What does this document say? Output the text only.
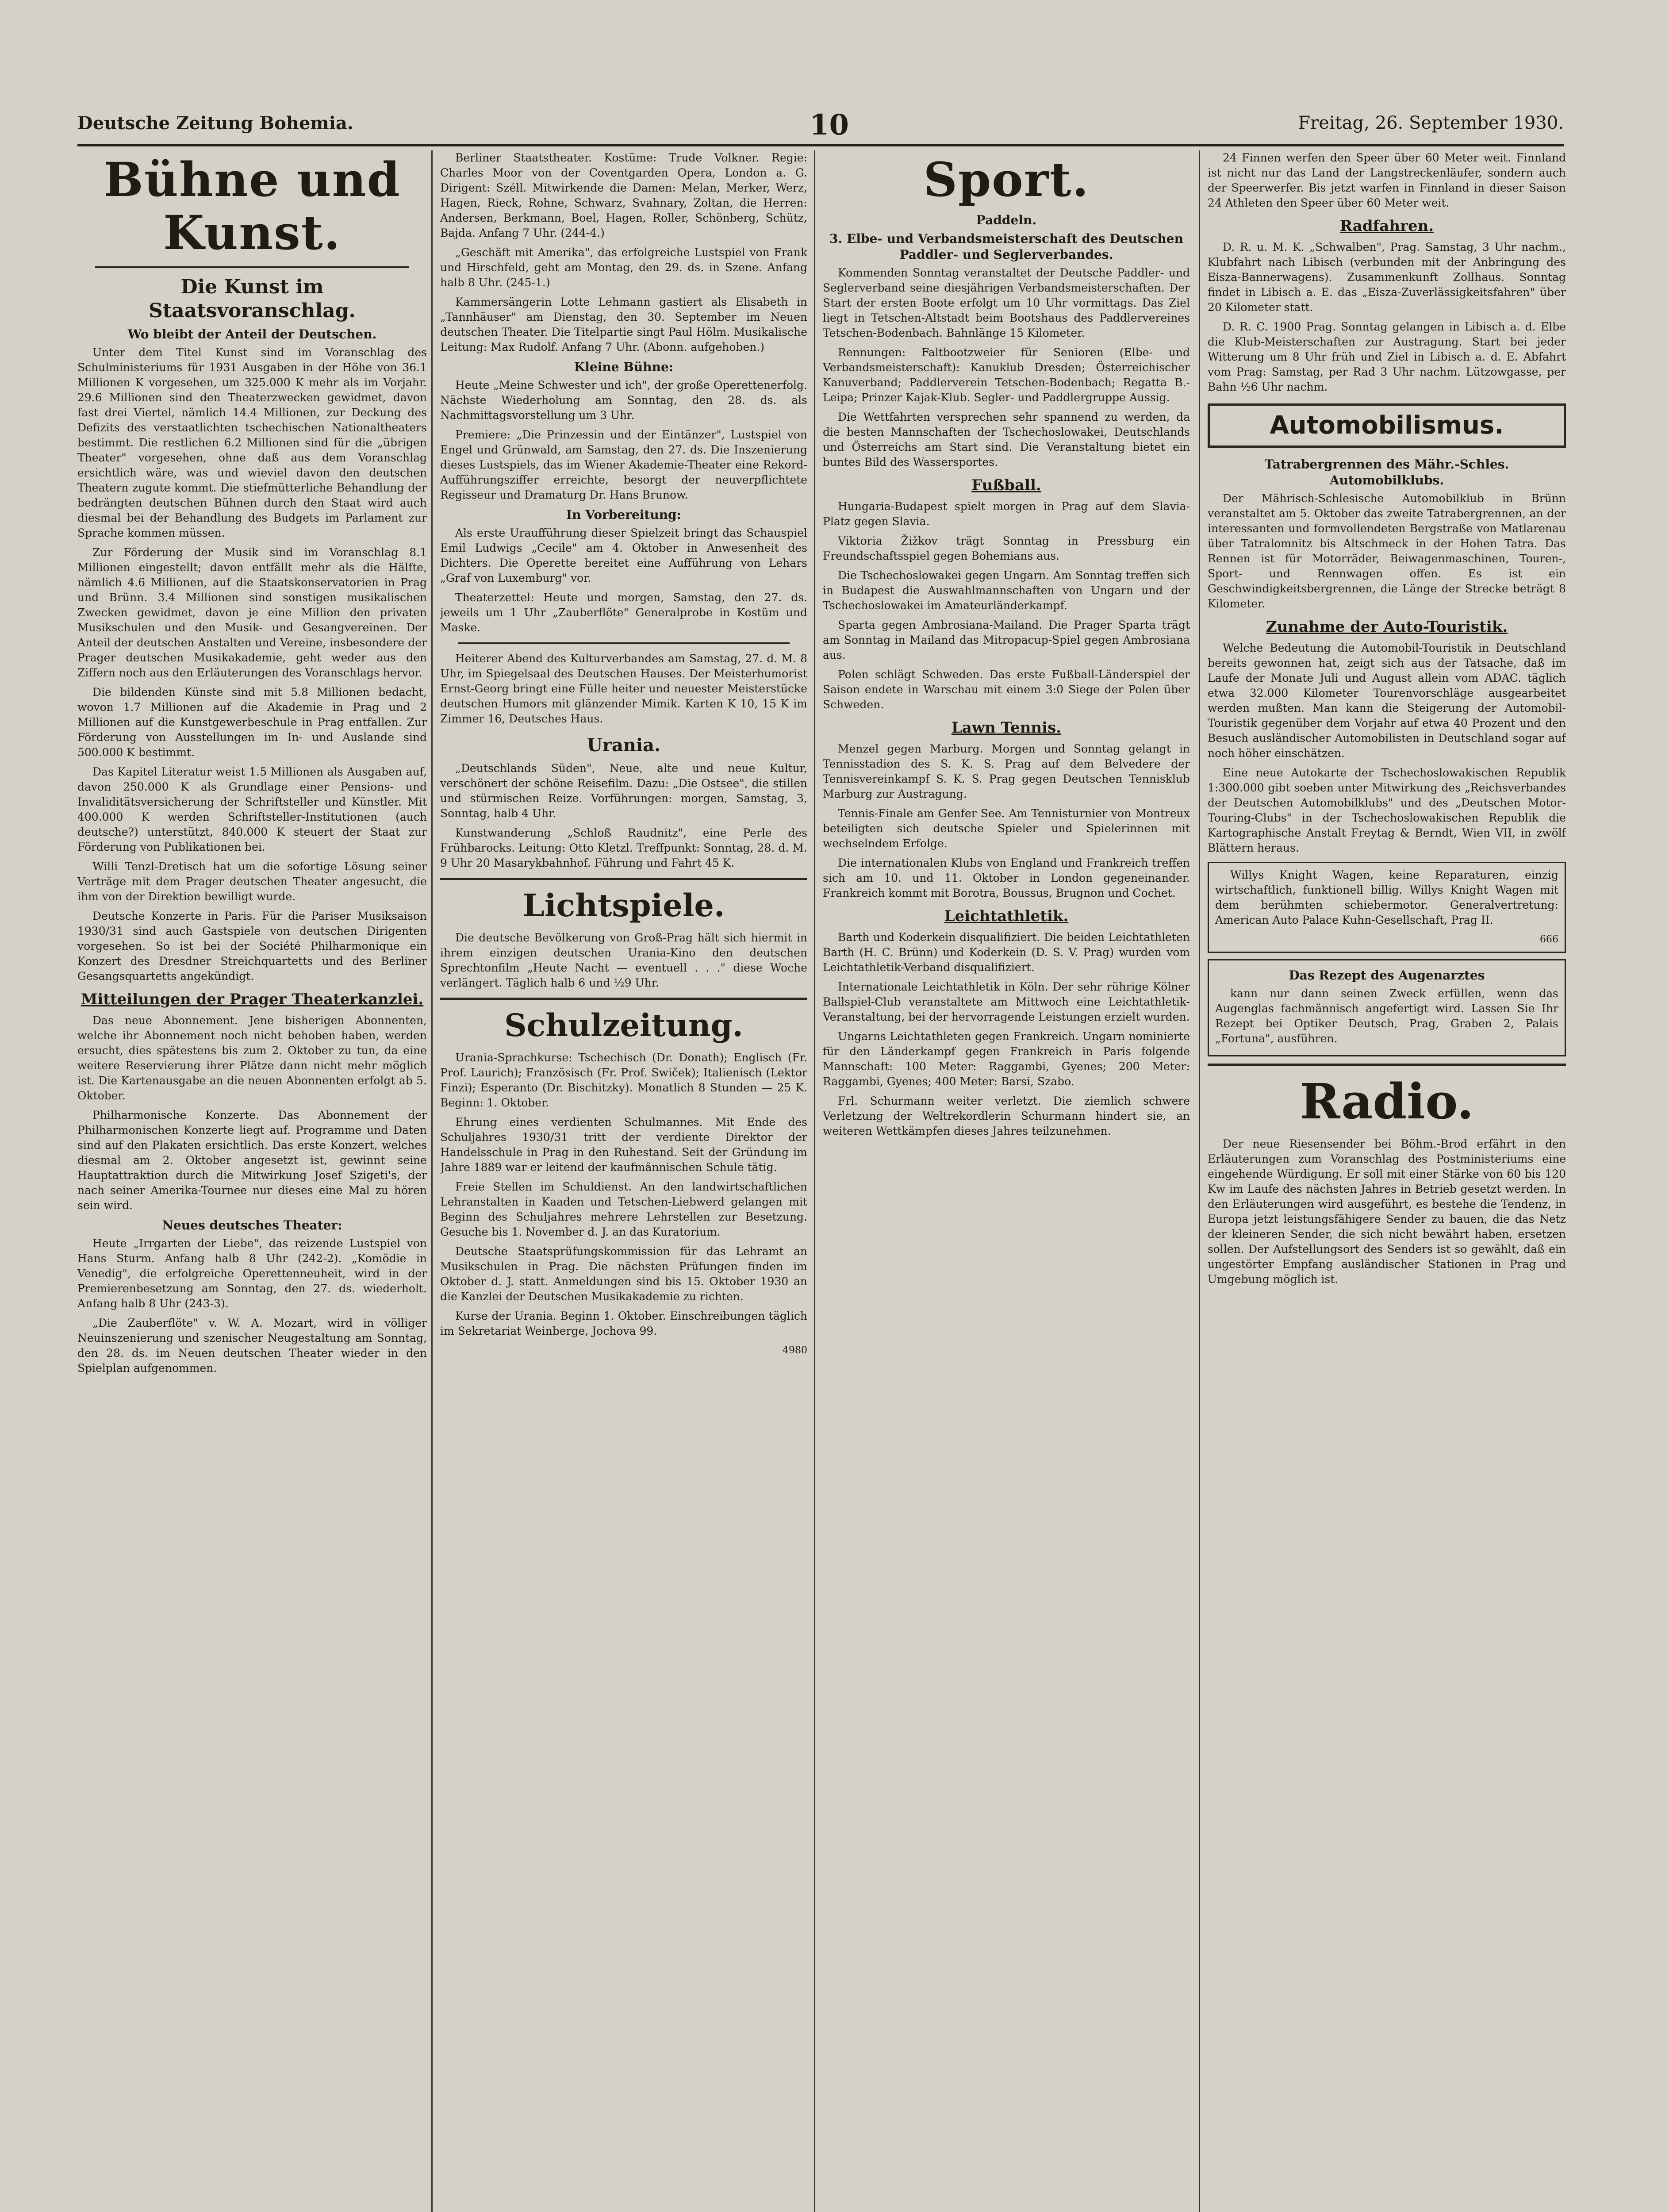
Deutsche Zeitung Bohemia.	10	Freitag, 26. September 1930.
Bühne und Kunst.
Die Kunst im Staatsvoranschlag.
Wo bleibt der Anteil der Deutschen.

Unter dem Titel Kunst sind im Voranschlag des Schulministeriums für 1931 Ausgaben in der Höhe von 36.1 Millionen K vorgesehen, um 325.000 K mehr als im Vorjahr. 29.6 Millionen sind den Theaterzwecken gewidmet, davon fast drei Viertel, nämlich 14.4 Millionen, zur Deckung des Defizits des verstaatlichten tschechischen Nationaltheaters bestimmt. Die restlichen 6.2 Millionen sind für die „übrigen Theater" vorgesehen, ohne daß aus dem Voranschlag ersichtlich wäre, was und wieviel davon den deutschen Theatern zugute kommt. Die stiefmütterliche Behandlung der bedrängten deutschen Bühnen durch den Staat wird auch diesmal bei der Behandlung des Budgets im Parlament zur Sprache kommen müssen.

Zur Förderung der Musik sind im Voranschlag 8.1 Millionen eingestellt; davon entfällt mehr als die Hälfte, nämlich 4.6 Millionen, auf die Staatskonservatorien in Prag und Brünn. 3.4 Millionen sind sonstigen musikalischen Zwecken gewidmet, davon je eine Million den privaten Musikschulen und den Musik- und Gesangvereinen. Der Anteil der deutschen Anstalten und Vereine, insbesondere der Prager deutschen Musikakademie, geht weder aus den Ziffern noch aus den Erläuterungen des Voranschlags hervor.

Die bildenden Künste sind mit 5.8 Millionen bedacht, wovon 1.7 Millionen auf die Akademie in Prag und 2 Millionen auf die Kunstgewerbeschule in Prag entfallen. Zur Förderung von Ausstellungen im In- und Auslande sind 500.000 K bestimmt.

Das Kapitel Literatur weist 1.5 Millionen als Ausgaben auf, davon 250.000 K als Grundlage einer Pensions- und Invaliditätsversicherung der Schriftsteller und Künstler. Mit 400.000 K werden Schriftsteller-Institutionen (auch deutsche?) unterstützt, 840.000 K steuert der Staat zur Förderung von Publikationen bei.

Willi Tenzl-Dretisch hat um die sofortige Lösung seiner Verträge mit dem Prager deutschen Theater angesucht, die ihm von der Direktion bewilligt wurde.

Deutsche Konzerte in Paris. Für die Pariser Musiksaison 1930/31 sind auch Gastspiele von deutschen Dirigenten vorgesehen. So ist bei der Société Philharmonique ein Konzert des Dresdner Streichquartetts und des Berliner Gesangsquartetts angekündigt.

Mitteilungen der Prager Theaterkanzlei.

Das neue Abonnement. Jene bisherigen Abonnenten, welche ihr Abonnement noch nicht behoben haben, werden ersucht, dies spätestens bis zum 2. Oktober zu tun, da eine weitere Reservierung ihrer Plätze dann nicht mehr möglich ist. Die Kartenausgabe an die neuen Abonnenten erfolgt ab 5. Oktober.

Philharmonische Konzerte. Das Abonnement der Philharmonischen Konzerte liegt auf. Programme und Daten sind auf den Plakaten ersichtlich. Das erste Konzert, welches diesmal am 2. Oktober angesetzt ist, gewinnt seine Hauptattraktion durch die Mitwirkung Josef Szigeti's, der nach seiner Amerika-Tournee nur dieses eine Mal zu hören sein wird.

Neues deutsches Theater:

Heute „Irrgarten der Liebe", das reizende Lustspiel von Hans Sturm. Anfang halb 8 Uhr (242-2). „Komödie in Venedig", die erfolgreiche Operettenneuheit, wird in der Premierenbesetzung am Sonntag, den 27. ds. wiederholt. Anfang halb 8 Uhr (243-3).

„Die Zauberflöte" v. W. A. Mozart, wird in völliger Neuinszenierung und szenischer Neugestaltung am Sonntag, den 28. ds. im Neuen deutschen Theater wieder in den Spielplan aufgenommen.

Berliner Staatstheater. Kostüme: Trude Volkner. Regie: Charles Moor von der Coventgarden Opera, London a. G. Dirigent: Széll. Mitwirkende die Damen: Melan, Merker, Werz, Hagen, Rieck, Rohne, Schwarz, Svahnary, Zoltan, die Herren: Andersen, Berkmann, Boel, Hagen, Roller, Schönberg, Schütz, Bajda. Anfang 7 Uhr. (244-4.)

„Geschäft mit Amerika", das erfolgreiche Lustspiel von Frank und Hirschfeld, geht am Montag, den 29. ds. in Szene. Anfang halb 8 Uhr. (245-1.)

Kammersängerin Lotte Lehmann gastiert als Elisabeth in „Tannhäuser" am Dienstag, den 30. September im Neuen deutschen Theater. Die Titelpartie singt Paul Hölm. Musikalische Leitung: Max Rudolf. Anfang 7 Uhr. (Abonn. aufgehoben.)

Kleine Bühne:

Heute „Meine Schwester und ich", der große Operettenerfolg. Nächste Wiederholung am Sonntag, den 28. ds. als Nachmittagsvorstellung um 3 Uhr.

Premiere: „Die Prinzessin und der Eintänzer", Lustspiel von Engel und Grünwald, am Samstag, den 27. ds. Die Inszenierung dieses Lustspiels, das im Wiener Akademie-Theater eine Rekord-Aufführungsziffer erreichte, besorgt der neuverpflichtete Regisseur und Dramaturg Dr. Hans Brunow.

In Vorbereitung:

Als erste Uraufführung dieser Spielzeit bringt das Schauspiel Emil Ludwigs „Cecile" am 4. Oktober in Anwesenheit des Dichters. Die Operette bereitet eine Aufführung von Lehars „Graf von Luxemburg" vor.

Theaterzettel: Heute und morgen, Samstag, den 27. ds. jeweils um 1 Uhr „Zauberflöte" Generalprobe in Kostüm und Maske.

Heiterer Abend des Kulturverbandes am Samstag, 27. d. M. 8 Uhr, im Spiegelsaal des Deutschen Hauses. Der Meisterhumorist Ernst-Georg bringt eine Fülle heiter und neuester Meisterstücke deutschen Humors mit glänzender Mimik. Karten K 10, 15 K im Zimmer 16, Deutsches Haus.

Urania.

„Deutschlands Süden", Neue, alte und neue Kultur, verschönert der schöne Reisefilm. Dazu: „Die Ostsee", die stillen und stürmischen Reize. Vorführungen: morgen, Samstag, 3, Sonntag, halb 4 Uhr.

Kunstwanderung „Schloß Raudnitz", eine Perle des Frühbarocks. Leitung: Otto Kletzl. Treffpunkt: Sonntag, 28. d. M. 9 Uhr 20 Masarykbahnhof. Führung und Fahrt 45 K.

Lichtspiele.

Die deutsche Bevölkerung von Groß-Prag hält sich hiermit in ihrem einzigen deutschen Urania-Kino den deutschen Sprechtonfilm „Heute Nacht — eventuell . . ." diese Woche verlängert. Täglich halb 6 und ½9 Uhr.

Schulzeitung.

Urania-Sprachkurse: Tschechisch (Dr. Donath); Englisch (Fr. Prof. Laurich); Französisch (Fr. Prof. Swiček); Italienisch (Lektor Finzi); Esperanto (Dr. Bischitzky). Monatlich 8 Stunden — 25 K. Beginn: 1. Oktober.

Ehrung eines verdienten Schulmannes. Mit Ende des Schuljahres 1930/31 tritt der verdiente Direktor der Handelsschule in Prag in den Ruhestand. Seit der Gründung im Jahre 1889 war er leitend der kaufmännischen Schule tätig.

Freie Stellen im Schuldienst. An den landwirtschaftlichen Lehranstalten in Kaaden und Tetschen-Liebwerd gelangen mit Beginn des Schuljahres mehrere Lehrstellen zur Besetzung. Gesuche bis 1. November d. J. an das Kuratorium.

Deutsche Staatsprüfungskommission für das Lehramt an Musikschulen in Prag. Die nächsten Prüfungen finden im Oktober d. J. statt. Anmeldungen sind bis 15. Oktober 1930 an die Kanzlei der Deutschen Musikakademie zu richten.

Kurse der Urania. Beginn 1. Oktober. Einschreibungen täglich im Sekretariat Weinberge, Jochova 99.

4980
Sport.
Paddeln.
3. Elbe- und Verbandsmeisterschaft des Deutschen Paddler- und Seglerverbandes.

Kommenden Sonntag veranstaltet der Deutsche Paddler- und Seglerverband seine diesjährigen Verbandsmeisterschaften. Der Start der ersten Boote erfolgt um 10 Uhr vormittags. Das Ziel liegt in Tetschen-Altstadt beim Bootshaus des Paddlervereines Tetschen-Bodenbach. Bahnlänge 15 Kilometer.

Rennungen: Faltbootzweier für Senioren (Elbe- und Verbandsmeisterschaft): Kanuklub Dresden; Österreichischer Kanuverband; Paddlerverein Tetschen-Bodenbach; Regatta B.-Leipa; Prinzer Kajak-Klub. Segler- und Paddlergruppe Aussig.

Die Wettfahrten versprechen sehr spannend zu werden, da die besten Mannschaften der Tschechoslowakei, Deutschlands und Österreichs am Start sind. Die Veranstaltung bietet ein buntes Bild des Wassersportes.

Fußball.

Hungaria-Budapest spielt morgen in Prag auf dem Slavia-Platz gegen Slavia.

Viktoria Žižkov trägt Sonntag in Pressburg ein Freundschaftsspiel gegen Bohemians aus.

Die Tschechoslowakei gegen Ungarn. Am Sonntag treffen sich in Budapest die Auswahlmannschaften von Ungarn und der Tschechoslowakei im Amateurländerkampf.

Sparta gegen Ambrosiana-Mailand. Die Prager Sparta trägt am Sonntag in Mailand das Mitropacup-Spiel gegen Ambrosiana aus.

Polen schlägt Schweden. Das erste Fußball-Länderspiel der Saison endete in Warschau mit einem 3:0 Siege der Polen über Schweden.

Lawn Tennis.

Menzel gegen Marburg. Morgen und Sonntag gelangt in Tennisstadion des S. K. S. Prag auf dem Belvedere der Tennisvereinkampf S. K. S. Prag gegen Deutschen Tennisklub Marburg zur Austragung.

Tennis-Finale am Genfer See. Am Tennisturnier von Montreux beteiligten sich deutsche Spieler und Spielerinnen mit wechselndem Erfolge.

Die internationalen Klubs von England und Frankreich treffen sich am 10. und 11. Oktober in London gegeneinander. Frankreich kommt mit Borotra, Boussus, Brugnon und Cochet.

Leichtathletik.

Barth und Koderkein disqualifiziert. Die beiden Leichtathleten Barth (H. C. Brünn) und Koderkein (D. S. V. Prag) wurden vom Leichtathletik-Verband disqualifiziert.

Internationale Leichtathletik in Köln. Der sehr rührige Kölner Ballspiel-Club veranstaltete am Mittwoch eine Leichtathletik-Veranstaltung, bei der hervorragende Leistungen erzielt wurden.

Ungarns Leichtathleten gegen Frankreich. Ungarn nominierte für den Länderkampf gegen Frankreich in Paris folgende Mannschaft: 100 Meter: Raggambi, Gyenes; 200 Meter: Raggambi, Gyenes; 400 Meter: Barsi, Szabo.

Frl. Schurmann weiter verletzt. Die ziemlich schwere Verletzung der Weltrekordlerin Schurmann hindert sie, an weiteren Wettkämpfen dieses Jahres teilzunehmen.

24 Finnen werfen den Speer über 60 Meter weit. Finnland ist nicht nur das Land der Langstreckenläufer, sondern auch der Speerwerfer. Bis jetzt warfen in Finnland in dieser Saison 24 Athleten den Speer über 60 Meter weit.

Radfahren.

D. R. u. M. K. „Schwalben", Prag. Samstag, 3 Uhr nachm., Klubfahrt nach Libisch (verbunden mit der Anbringung des Eisza-Bannerwagens). Zusammenkunft Zollhaus. Sonntag findet in Libisch a. E. das „Eisza-Zuverlässigkeitsfahren" über 20 Kilometer statt.

D. R. C. 1900 Prag. Sonntag gelangen in Libisch a. d. Elbe die Klub-Meisterschaften zur Austragung. Start bei jeder Witterung um 8 Uhr früh und Ziel in Libisch a. d. E. Abfahrt vom Prag: Samstag, per Rad 3 Uhr nachm. Lützowgasse, per Bahn ½6 Uhr nachm.

Automobilismus.
Tatrabergrennen des Mähr.-Schles. Automobilklubs.

Der Mährisch-Schlesische Automobilklub in Brünn veranstaltet am 5. Oktober das zweite Tatrabergrennen, an der interessanten und formvollendeten Bergstraße von Matlarenau über Tatralomnitz bis Altschmeck in der Hohen Tatra. Das Rennen ist für Motorräder, Beiwagenmaschinen, Touren-, Sport- und Rennwagen offen. Es ist ein Geschwindigkeitsbergrennen, die Länge der Strecke beträgt 8 Kilometer.

Zunahme der Auto-Touristik.

Welche Bedeutung die Automobil-Touristik in Deutschland bereits gewonnen hat, zeigt sich aus der Tatsache, daß im Laufe der Monate Juli und August allein vom ADAC. täglich etwa 32.000 Kilometer Tourenvorschläge ausgearbeitet werden mußten. Man kann die Steigerung der Automobil-Touristik gegenüber dem Vorjahr auf etwa 40 Prozent und den Besuch ausländischer Automobilisten in Deutschland sogar auf noch höher einschätzen.

Eine neue Autokarte der Tschechoslowakischen Republik 1:300.000 gibt soeben unter Mitwirkung des „Reichsverbandes der Deutschen Automobilklubs" und des „Deutschen Motor-Touring-Clubs" in der Tschechoslowakischen Republik die Kartographische Anstalt Freytag & Berndt, Wien VII, in zwölf Blättern heraus.

Willys Knight Wagen, keine Reparaturen, einzig wirtschaftlich, funktionell billig. Willys Knight Wagen mit dem berühmten schiebermotor. Generalvertretung: American Auto Palace Kuhn-Gesellschaft, Prag II.

666
Das Rezept des Augenarztes

kann nur dann seinen Zweck erfüllen, wenn das Augenglas fachmännisch angefertigt wird. Lassen Sie Ihr Rezept bei Optiker Deutsch, Prag, Graben 2, Palais „Fortuna", ausführen.

Radio.

Der neue Riesensender bei Böhm.-Brod erfährt in den Erläuterungen zum Voranschlag des Postministeriums eine eingehende Würdigung. Er soll mit einer Stärke von 60 bis 120 Kw im Laufe des nächsten Jahres in Betrieb gesetzt werden. In den Erläuterungen wird ausgeführt, es bestehe die Tendenz, in Europa jetzt leistungsfähigere Sender zu bauen, die das Netz der kleineren Sender, die sich nicht bewährt haben, ersetzen sollen. Der Aufstellungsort des Senders ist so gewählt, daß ein ungestörter Empfang ausländischer Stationen in Prag und Umgebung möglich ist.
